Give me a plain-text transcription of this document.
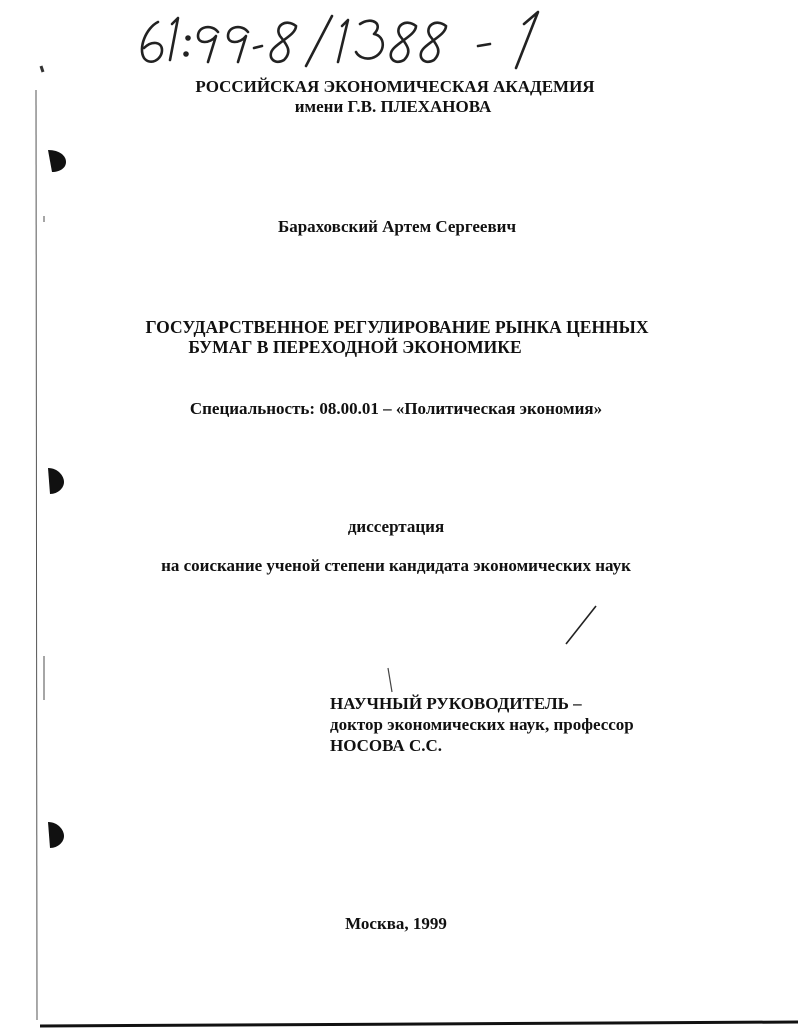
РОССИЙСКАЯ ЭКОНОМИЧЕСКАЯ АКАДЕМИЯ
имени Г.В. ПЛЕХАНОВА
Бараховский Артем Сергеевич
ГОСУДАРСТВЕННОЕ РЕГУЛИРОВАНИЕ РЫНКА ЦЕННЫХ
БУМАГ В ПЕРЕХОДНОЙ ЭКОНОМИКЕ
Специальность: 08.00.01 – «Политическая экономия»
диссертация
на соискание ученой степени кандидата экономических наук
НАУЧНЫЙ РУКОВОДИТЕЛЬ –
доктор экономических наук, профессор
НОСОВА С.С.
Москва, 1999
